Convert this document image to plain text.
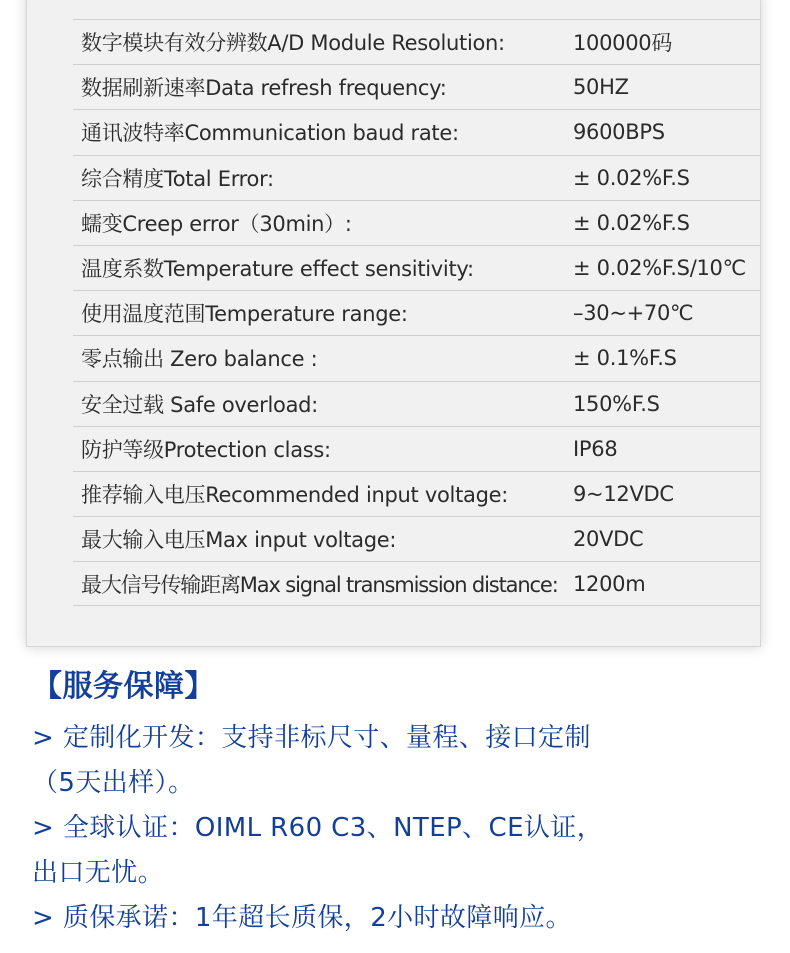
数字模块有效分辨数A/D Module Resolution:	100000码
数据刷新速率Data refresh frequency:	50HZ
通讯波特率Communication baud rate:	9600BPS
综合精度Total Error:	± 0.02%F.S
蠕变Creep error（30min）:	± 0.02%F.S
温度系数Temperature effect sensitivity:	± 0.02%F.S/10℃
使用温度范围Temperature range:	–30~+70℃
零点输出 Zero balance :	± 0.1%F.S
安全过载 Safe overload:	150%F.S
防护等级Protection class:	IP68
推荐输入电压Recommended input voltage:	9~12VDC
最大输入电压Max input voltage:	20VDC
最大信号传输距离Max signal transmission distance: 1200m
【服务保障】

> 定制化开发：支持非标尺寸、量程、接口定制

（5天出样）。

> 全球认证：OIML R60 C3、NTEP、CE认证，

出口无忧。

> 质保承诺：1年超长质保，2小时故障响应。
